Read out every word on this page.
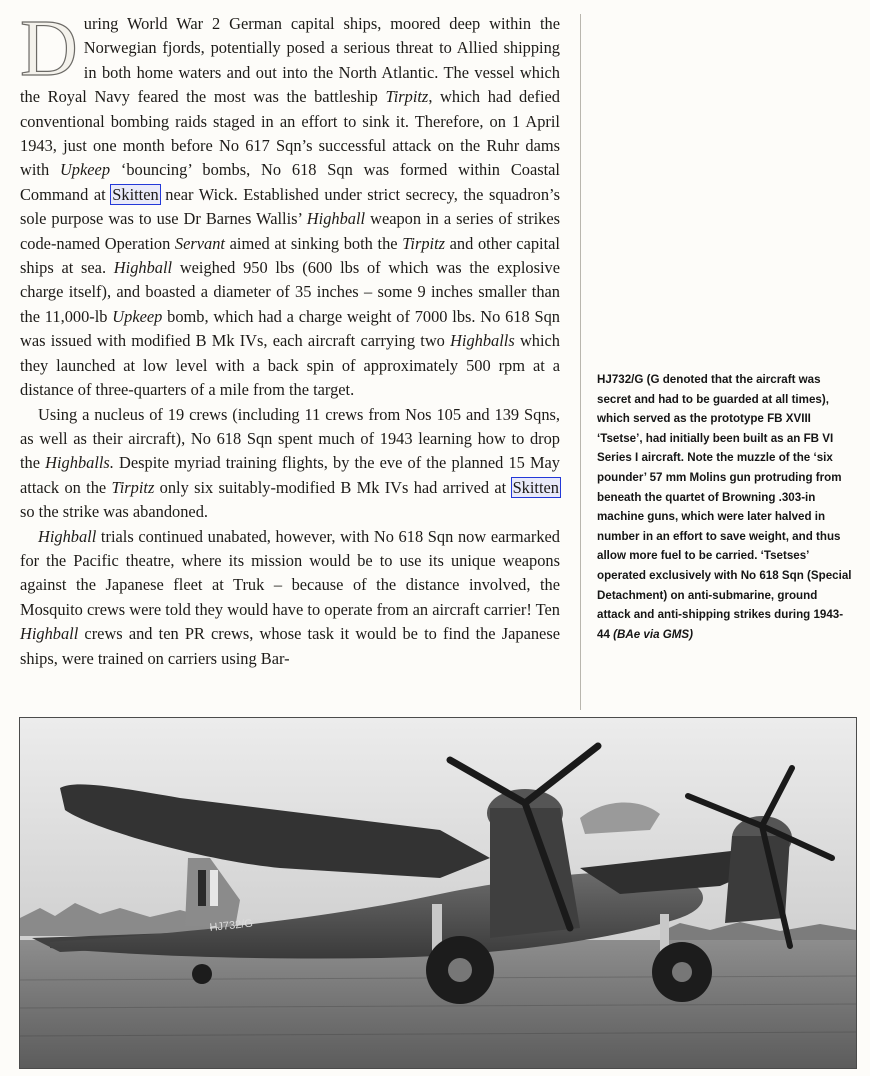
During World War 2 German capital ships, moored deep within the Norwegian fjords, potentially posed a serious threat to Allied shipping in both home waters and out into the North Atlantic. The vessel which the Royal Navy feared the most was the battleship Tirpitz, which had defied conventional bombing raids staged in an effort to sink it. Therefore, on 1 April 1943, just one month before No 617 Sqn’s successful attack on the Ruhr dams with Upkeep ‘bouncing’ bombs, No 618 Sqn was formed within Coastal Command at Skitten near Wick. Established under strict secrecy, the squadron’s sole purpose was to use Dr Barnes Wallis’ Highball weapon in a series of strikes code-named Operation Servant aimed at sinking both the Tirpitz and other capital ships at sea. Highball weighed 950 lbs (600 lbs of which was the explosive charge itself), and boasted a diameter of 35 inches – some 9 inches smaller than the 11,000-lb Upkeep bomb, which had a charge weight of 7000 lbs. No 618 Sqn was issued with modified B Mk IVs, each aircraft carrying two Highballs which they launched at low level with a back spin of approximately 500 rpm at a distance of three-quarters of a mile from the target.

Using a nucleus of 19 crews (including 11 crews from Nos 105 and 139 Sqns, as well as their aircraft), No 618 Sqn spent much of 1943 learning how to drop the Highballs. Despite myriad training flights, by the eve of the planned 15 May attack on the Tirpitz only six suitably-modified B Mk IVs had arrived at Skitten so the strike was abandoned.

Highball trials continued unabated, however, with No 618 Sqn now earmarked for the Pacific theatre, where its mission would be to use its unique weapons against the Japanese fleet at Truk – because of the distance involved, the Mosquito crews were told they would have to operate from an aircraft carrier! Ten Highball crews and ten PR crews, whose task it would be to find the Japanese ships, were trained on carriers using Bar-

HJ732/G (G denoted that the aircraft was secret and had to be guarded at all times), which served as the prototype FB XVIII ‘Tsetse’, had initially been built as an FB VI Series I aircraft. Note the muzzle of the ‘six pounder’ 57 mm Molins gun protruding from beneath the quartet of Browning .303-in machine guns, which were later halved in number in an effort to save weight, and thus allow more fuel to be carried. ‘Tsetses’ operated exclusively with No 618 Sqn (Special Detachment) on anti-submarine, ground attack and anti-shipping strikes during 1943-44 (BAe via GMS)

HJ732/G
